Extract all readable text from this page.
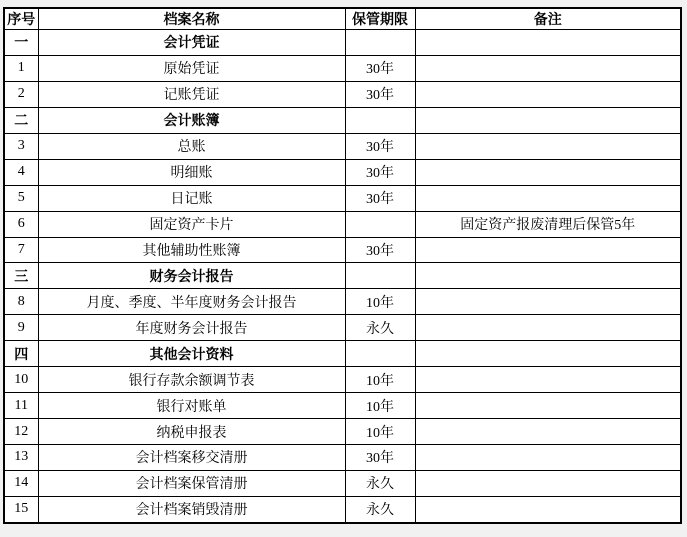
序号	档案名称	保管期限	备注
一	会计凭证		
1	原始凭证	30年	
2	记账凭证	30年	
二	会计账簿		
3	总账	30年	
4	明细账	30年	
5	日记账	30年	
6	固定资产卡片		固定资产报废清理后保管5年
7	其他辅助性账簿	30年	
三	财务会计报告		
8	月度、季度、半年度财务会计报告	10年	
9	年度财务会计报告	永久	
四	其他会计资料		
10	银行存款余额调节表	10年	
11	银行对账单	10年	
12	纳税申报表	10年	
13	会计档案移交清册	30年	
14	会计档案保管清册	永久	
15	会计档案销毁清册	永久	
